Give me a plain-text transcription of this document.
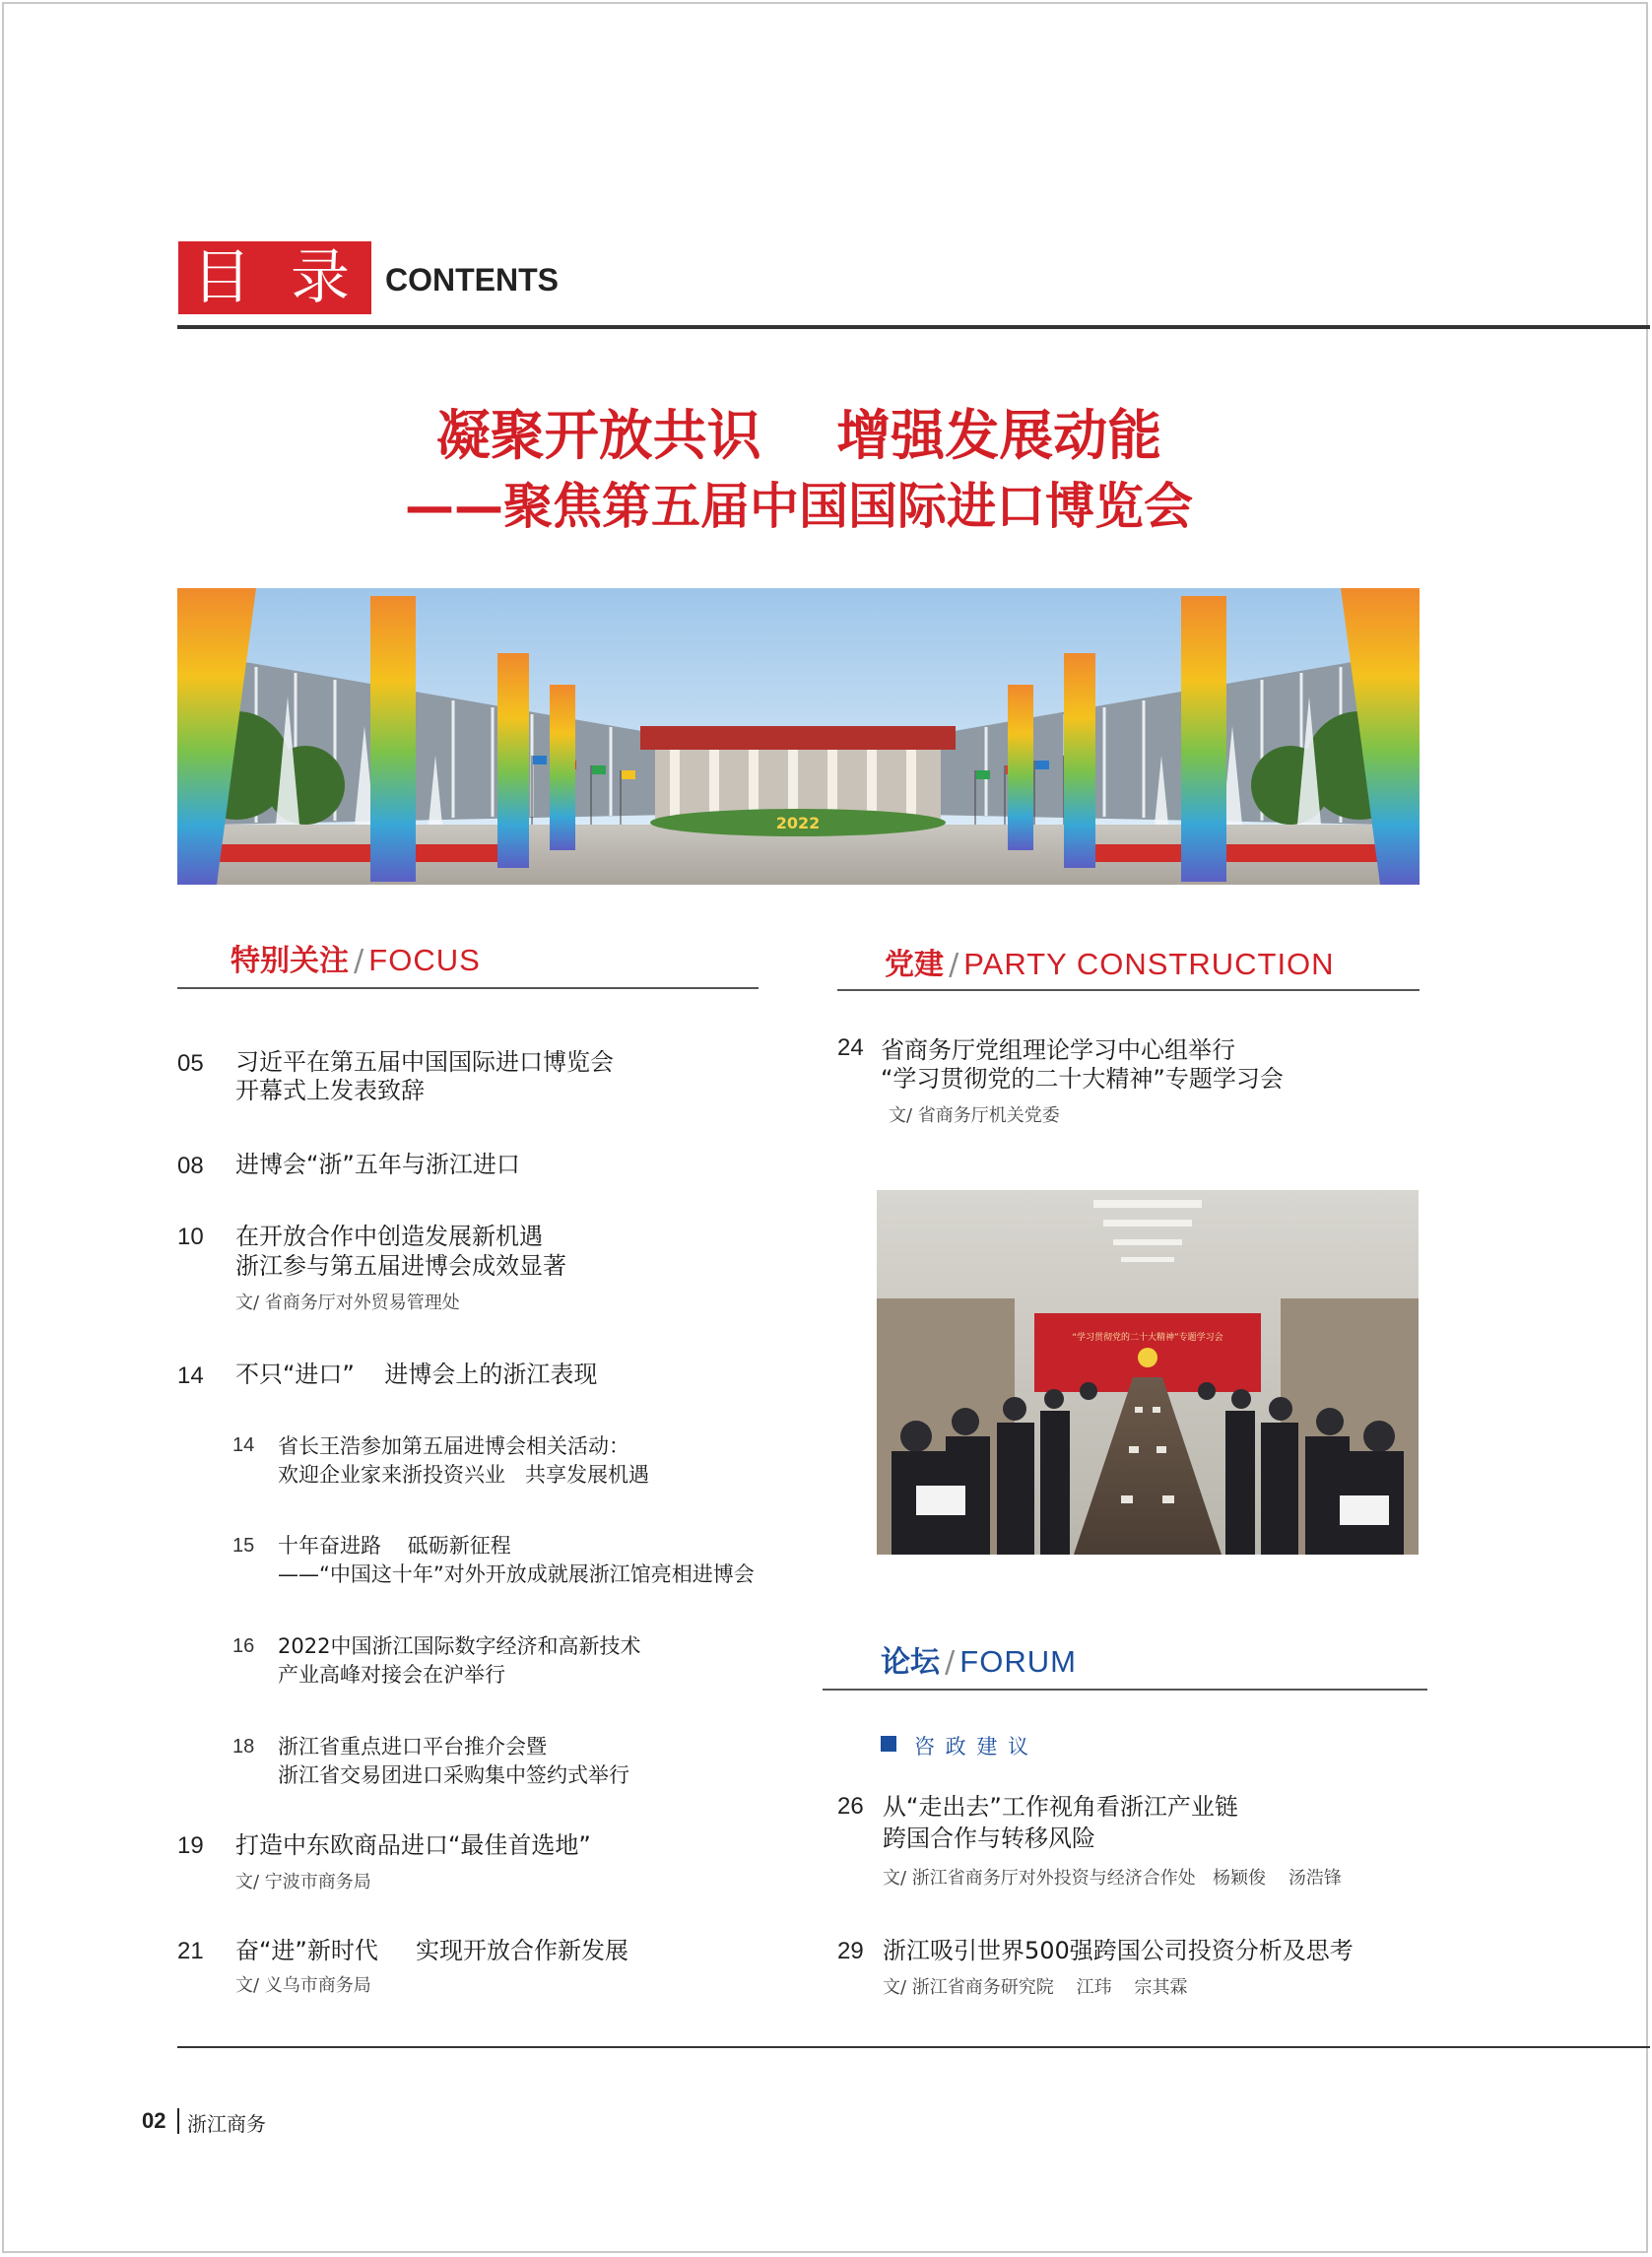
目 录 CONTENTS
凝聚开放共识    增强发展动能
——聚焦第五届中国国际进口博览会
2022
特别关注 / FOCUS
05 习近平在第五届中国国际进口博览会
开幕式上发表致辞
08 进博会“浙”五年与浙江进口
10 在开放合作中创造发展新机遇
浙江参与第五届进博会成效显著
文/ 省商务厅对外贸易管理处
14 不只“进口”    进博会上的浙江表现
14 省长王浩参加第五届进博会相关活动：
欢迎企业家来浙投资兴业   共享发展机遇
15 十年奋进路    砥砺新征程
——“中国这十年”对外开放成就展浙江馆亮相进博会
16 2022中国浙江国际数字经济和高新技术
产业高峰对接会在沪举行
18 浙江省重点进口平台推介会暨
浙江省交易团进口采购集中签约式举行
19 打造中东欧商品进口“最佳首选地”
文/ 宁波市商务局
21 奋“进”新时代     实现开放合作新发展
文/ 义乌市商务局
党建 / PARTY CONSTRUCTION
24 省商务厅党组理论学习中心组举行
“学习贯彻党的二十大精神”专题学习会
文/ 省商务厅机关党委
“学习贯彻党的二十大精神”专题学习会
论坛 / FORUM
咨 政 建 议
26 从“走出去”工作视角看浙江产业链
跨国合作与转移风险
文/ 浙江省商务厅对外投资与经济合作处   杨颖俊    汤浩锋
29 浙江吸引世界500强跨国公司投资分析及思考
文/ 浙江省商务研究院    江玮    宗其霖
02 浙江商务
